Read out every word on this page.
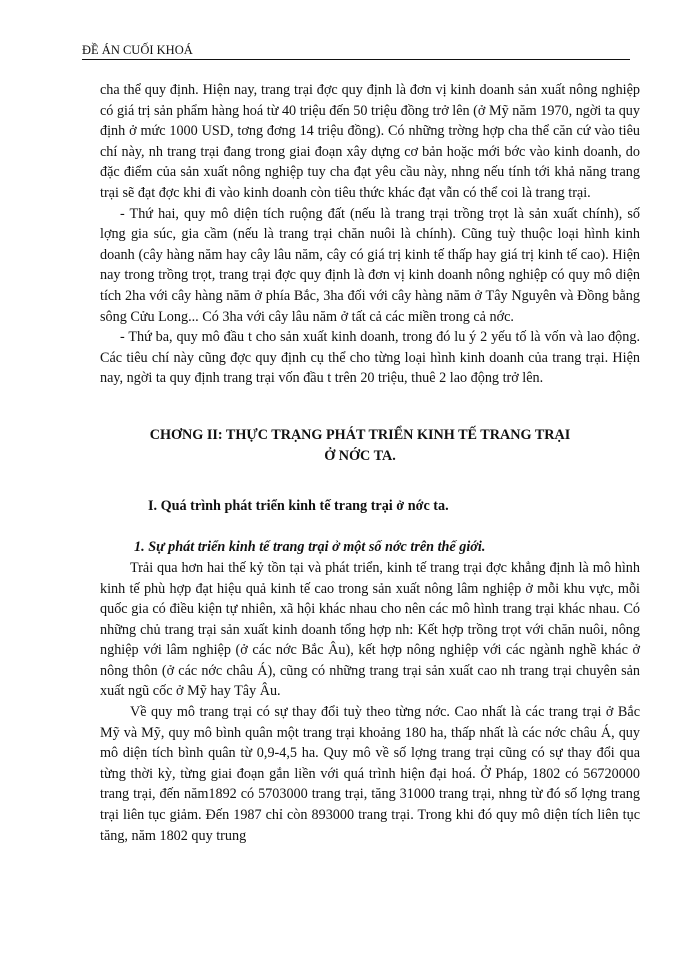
ĐỀ ÁN CUỐI KHOÁ

cha thể quy định. Hiện nay, trang trại đợc quy định là đơn vị kinh doanh sản xuất nông nghiệp có giá trị sản phẩm hàng hoá từ 40 triệu đến 50 triệu đồng trở lên (ở Mỹ năm 1970, ngời ta quy định ở mức 1000 USD, tơng đơng 14 triệu đồng). Có những trờng hợp cha thể căn cứ vào tiêu chí này, nh trang trại đang trong giai đoạn xây dựng cơ bản hoặc mới bớc vào kinh doanh, do đặc điểm của sản xuất nông nghiệp tuy cha đạt yêu cầu này, nhng nếu tính tới khả năng trang trại sẽ đạt đợc khi đi vào kinh doanh còn tiêu thức khác đạt vẫn có thể coi là trang trại.

- Thứ hai, quy mô diện tích ruộng đất (nếu là trang trại trồng trọt là sản xuất chính), số lợng gia súc, gia cầm (nếu là trang trại chăn nuôi là chính). Cũng tuỳ thuộc loại hình kinh doanh (cây hàng năm hay cây lâu năm, cây có giá trị kinh tế thấp hay giá trị kinh tế cao). Hiện nay trong trồng trọt, trang trại đợc quy định là đơn vị kinh doanh nông nghiệp có quy mô diện tích 2ha với cây hàng năm ở phía Bắc, 3ha đối với cây hàng năm ở Tây Nguyên và Đồng bằng sông Cửu Long... Có 3ha với cây lâu năm ở tất cả các miền trong cả nớc.

- Thứ ba, quy mô đầu t cho sản xuất kinh doanh, trong đó lu ý 2 yếu tố là vốn và lao động. Các tiêu chí này cũng đợc quy định cụ thể cho từng loại hình kinh doanh của trang trại. Hiện nay, ngời ta quy định trang trại vốn đầu t trên 20 triệu, thuê 2 lao động trở lên.

CHƠNG II: THỰC TRẠNG PHÁT TRIỂN KINH TẾ TRANG TRẠI
Ở NỚC TA.
I. Quá trình phát triển kinh tế trang trại ở nớc ta.
1. Sự phát triển kinh tế trang trại ở một số nớc trên thế giới.

Trải qua hơn hai thế kỷ tồn tại và phát triển, kinh tế trang trại đợc khẳng định là mô hình kinh tế phù hợp đạt hiệu quả kinh tế cao trong sản xuất nông lâm nghiệp ở mỗi khu vực, mỗi quốc gia có điều kiện tự nhiên, xã hội khác nhau cho nên các mô hình trang trại khác nhau. Có những chủ trang trại sản xuất kinh doanh tổng hợp nh: Kết hợp trồng trọt với chăn nuôi, nông nghiệp với lâm nghiệp (ở các nớc Bắc Âu), kết hợp nông nghiệp với các ngành nghề khác ở nông thôn (ở các nớc châu Á), cũng có những trang trại sản xuất cao nh trang trại chuyên sản xuất ngũ cốc ở Mỹ hay Tây Âu.

Về quy mô trang trại có sự thay đổi tuỳ theo từng nớc. Cao nhất là các trang trại ở Bắc Mỹ và Mỹ, quy mô bình quân một trang trại khoảng 180 ha, thấp nhất là các nớc châu Á, quy mô diện tích bình quân từ 0,9-4,5 ha. Quy mô về số lợng trang trại cũng có sự thay đổi qua từng thời kỳ, từng giai đoạn gắn liền với quá trình hiện đại hoá. Ở Pháp, 1802 có 56720000 trang trại, đến năm1892 có 5703000 trang trại, tăng 31000 trang trại, nhng từ đó số lợng trang trại liên tục giảm. Đến 1987 chỉ còn 893000 trang trại. Trong khi đó quy mô diện tích liên tục tăng, năm 1802 quy trung
